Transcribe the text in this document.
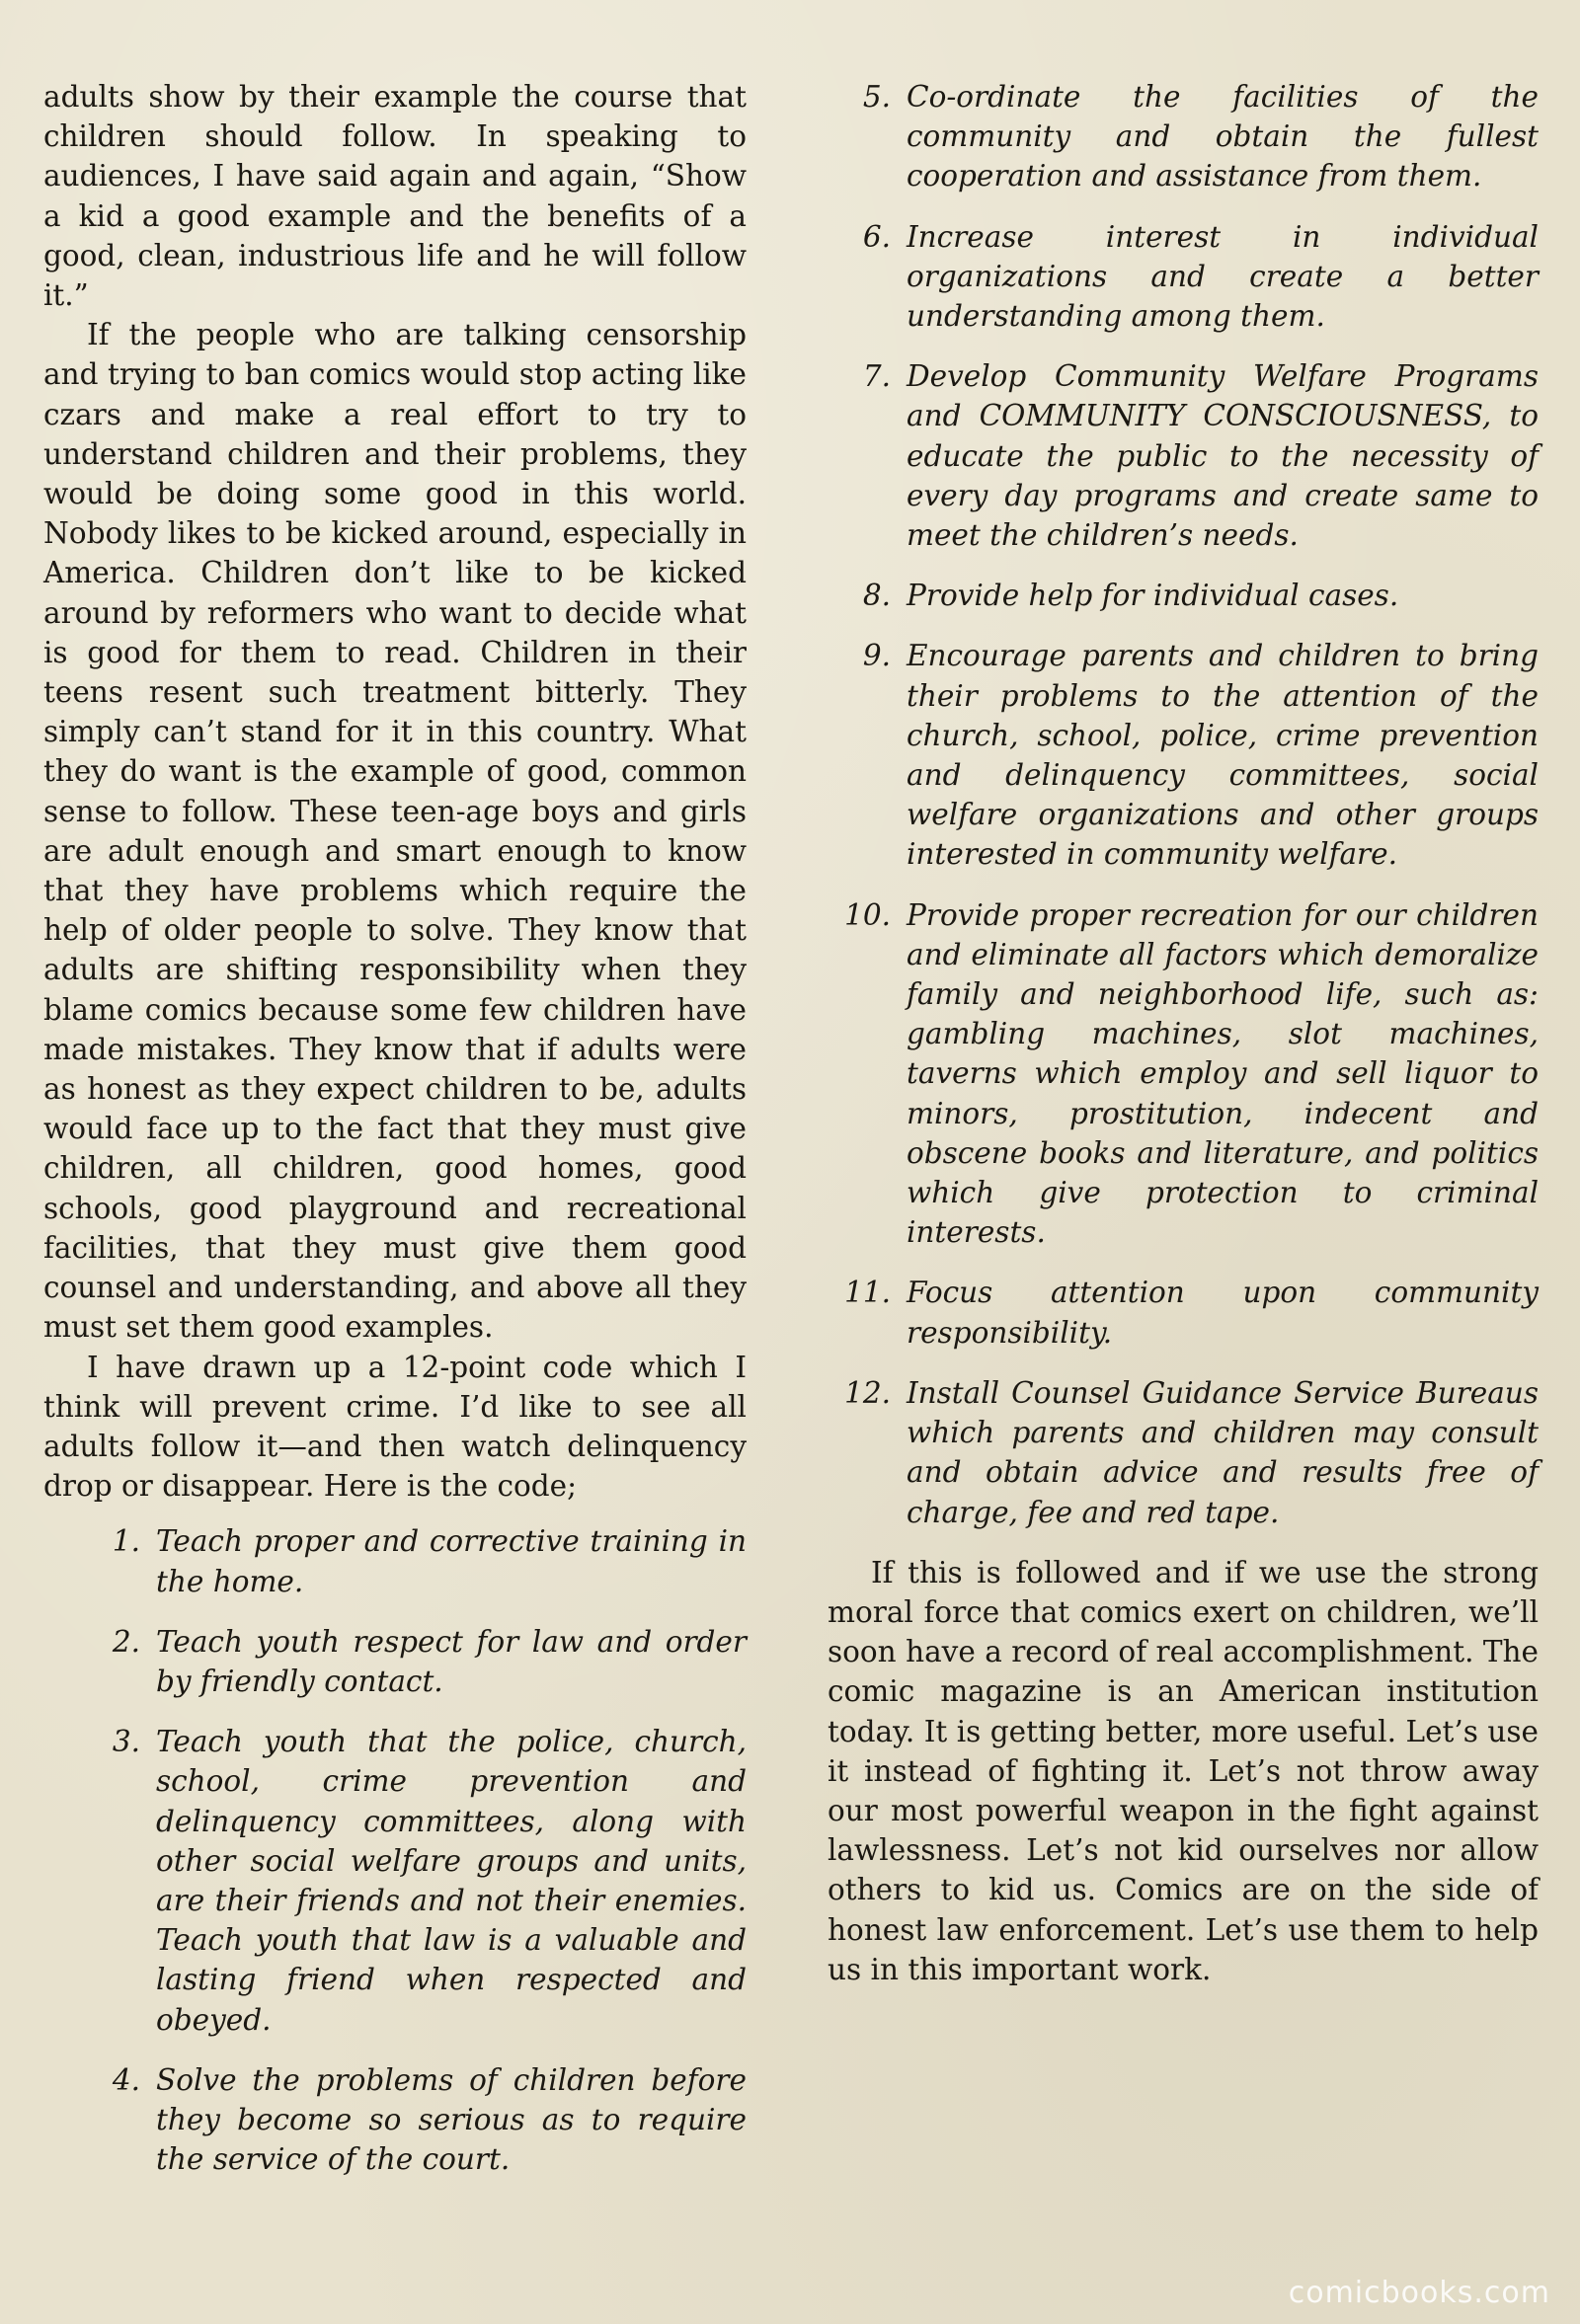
adults show by their example the course that children should follow. In speaking to audiences, I have said again and again, “Show a kid a good example and the benefits of a good, clean, industrious life and he will follow it.”

If the people who are talking censorship and trying to ban comics would stop acting like czars and make a real effort to try to understand children and their problems, they would be doing some good in this world. Nobody likes to be kicked around, especially in America. Children don’t like to be kicked around by reformers who want to decide what is good for them to read. Children in their teens resent such treatment bitterly. They simply can’t stand for it in this country. What they do want is the example of good, common sense to follow. These teen-age boys and girls are adult enough and smart enough to know that they have problems which require the help of older people to solve. They know that adults are shifting responsibility when they blame comics because some few children have made mistakes. They know that if adults were as honest as they expect children to be, adults would face up to the fact that they must give children, all children, good homes, good schools, good playground and recreational facilities, that they must give them good counsel and understanding, and above all they must set them good examples.

I have drawn up a 12-point code which I think will prevent crime. I’d like to see all adults follow it—and then watch delinquency drop or disappear. Here is the code;

1. Teach proper and corrective training in the home.
2. Teach youth respect for law and order by friendly contact.
3. Teach youth that the police, church, school, crime prevention and delinquency committees, along with other social welfare groups and units, are their friends and not their enemies. Teach youth that law is a valuable and lasting friend when respected and obeyed.
4. Solve the problems of children before they become so serious as to require the service of the court.
5. Co-ordinate the facilities of the community and obtain the fullest cooperation and assistance from them.
6. Increase interest in individual organizations and create a better understanding among them.
7. Develop Community Welfare Programs and COMMUNITY CONSCIOUSNESS, to educate the public to the necessity of every day programs and create same to meet the children’s needs.
8. Provide help for individual cases.
9. Encourage parents and children to bring their problems to the attention of the church, school, police, crime prevention and delinquency committees, social welfare organizations and other groups interested in community welfare.
10. Provide proper recreation for our children and eliminate all factors which demoralize family and neighborhood life, such as: gambling machines, slot machines, taverns which employ and sell liquor to minors, prostitution, indecent and obscene books and literature, and politics which give protection to criminal interests.
11. Focus attention upon community responsibility.
12. Install Counsel Guidance Service Bureaus which parents and children may consult and obtain advice and results free of charge, fee and red tape.

If this is followed and if we use the strong moral force that comics exert on children, we’ll soon have a record of real accomplishment. The comic magazine is an American institution today. It is getting better, more useful. Let’s use it instead of fighting it. Let’s not throw away our most powerful weapon in the fight against lawlessness. Let’s not kid ourselves nor allow others to kid us. Comics are on the side of honest law enforcement. Let’s use them to help us in this important work.

comicbooks.com
